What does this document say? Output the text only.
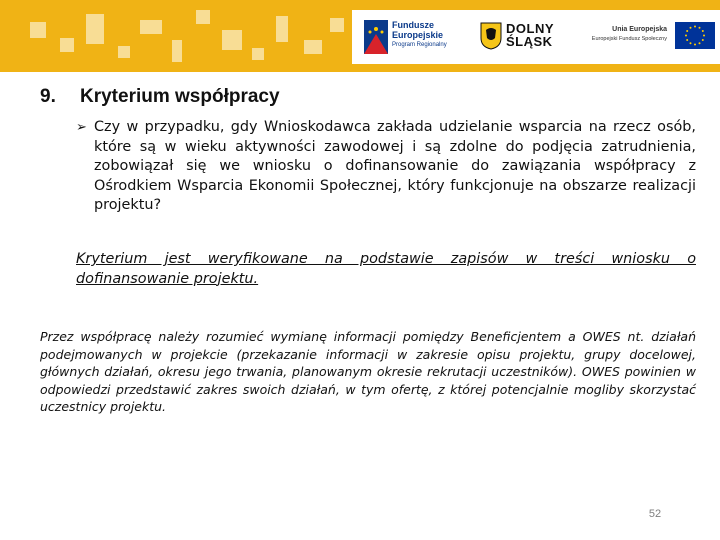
Fundusze
Europejskie
Program Regionalny
DOLNY
ŚLĄSK
Unia Europejska
Europejski Fundusz Społeczny
9. Kryterium współpracy
➢ Czy w przypadku, gdy Wnioskodawca zakłada udzielanie wsparcia na rzecz osób, które są w wieku aktywności zawodowej i są zdolne do podjęcia zatrudnienia, zobowiązał się we wniosku o dofinansowanie do zawiązania współpracy z Ośrodkiem Wsparcia Ekonomii Społecznej, który funkcjonuje na obszarze realizacji projektu?
Kryterium jest weryfikowane na podstawie zapisów w treści wniosku o dofinansowanie projektu.
Przez współpracę należy rozumieć wymianę informacji pomiędzy Beneficjentem a OWES nt. działań podejmowanych w projekcie (przekazanie informacji w zakresie opisu projektu, grupy docelowej, głównych działań, okresu jego trwania, planowanym okresie rekrutacji uczestników). OWES powinien w odpowiedzi przedstawić zakres swoich działań, w tym ofertę, z której potencjalnie mogliby skorzystać uczestnicy projektu.
52
